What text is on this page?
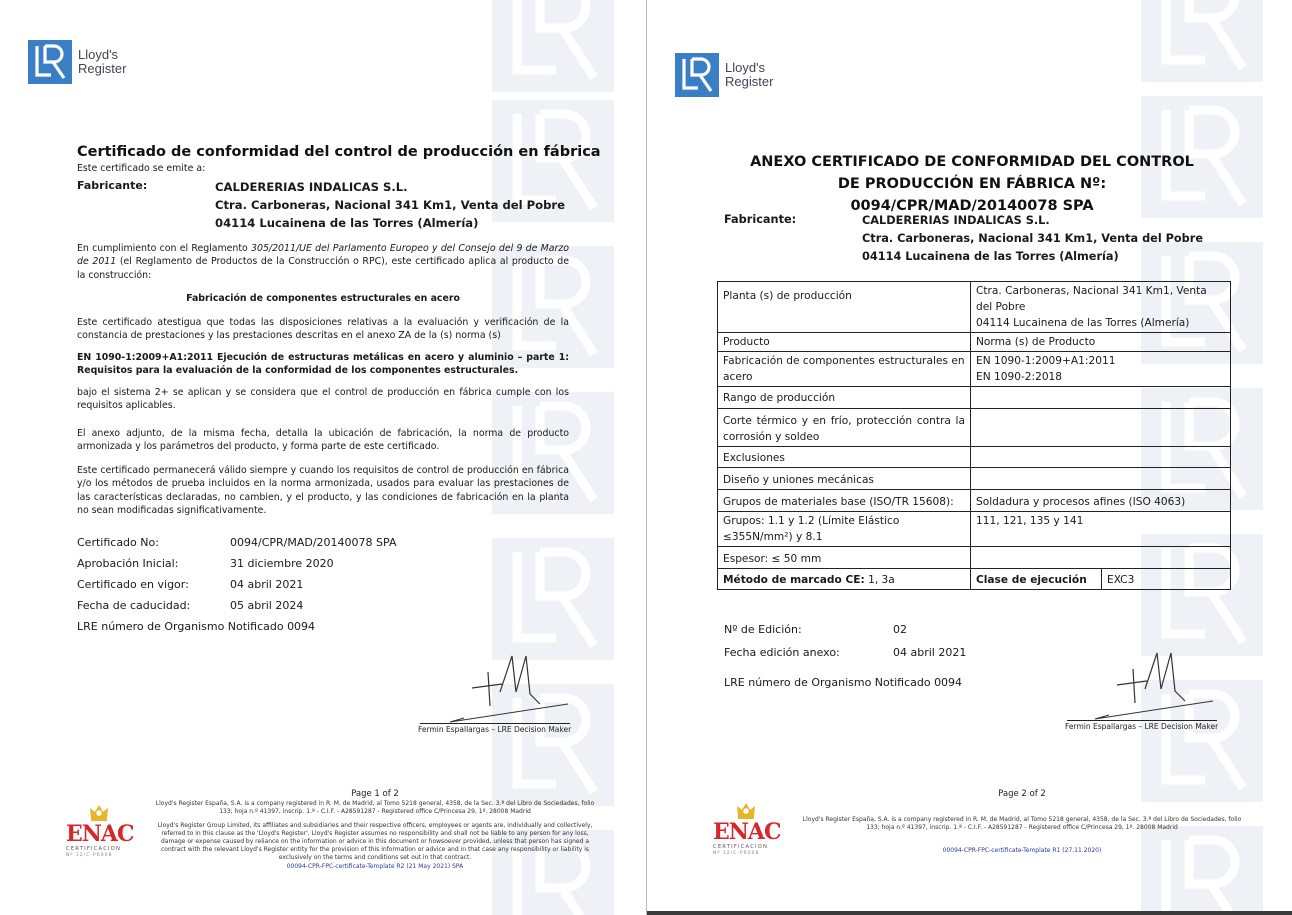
Lloyd's
Register

Certificado de conformidad del control de producción en fábrica

Este certificado se emite a:

Fabricante:	CALDERERIAS INDALICAS S.L.
Ctra. Carboneras, Nacional 341 Km1, Venta del Pobre
04114 Lucainena de las Torres (Almería)

En cumplimiento con el Reglamento 305/2011/UE del Parlamento Europeo y del Consejo del 9 de Marzo de 2011 (el Reglamento de Productos de la Construcción o RPC), este certificado aplica al producto de la construcción:

Fabricación de componentes estructurales en acero

Este certificado atestigua que todas las disposiciones relativas a la evaluación y verificación de la constancia de prestaciones y las prestaciones descritas en el anexo ZA de la (s) norma (s)

EN 1090-1:2009+A1:2011 Ejecución de estructuras metálicas en acero y aluminio – parte 1: Requisitos para la evaluación de la conformidad de los componentes estructurales.

bajo el sistema 2+ se aplican y se considera que el control de producción en fábrica cumple con los requisitos aplicables.

El anexo adjunto, de la misma fecha, detalla la ubicación de fabricación, la norma de producto armonizada y los parámetros del producto, y forma parte de este certificado.

Este certificado permanecerá válido siempre y cuando los requisitos de control de producción en fábrica y/o los métodos de prueba incluidos en la norma armonizada, usados para evaluar las prestaciones de las características declaradas, no cambien, y el producto, y las condiciones de fabricación en la planta no sean modificadas significativamente.

Certificado No:	0094/CPR/MAD/20140078 SPA
Aprobación Inicial:	31 diciembre 2020
Certificado en vigor:	04 abril 2021
Fecha de caducidad:	05 abril 2024
LRE número de Organismo Notificado 0094
Fermin Espallargas – LRE Decision Maker
ENAC
CERTIFICACION
Nº 12/C-PR008
Page 1 of 2
Lloyd's Register España, S.A. is a company registered in R. M. de Madrid, al Tomo 5218 general, 4358, de la Sec. 3.ª del Libro de Sociedades, folio 133; hoja n.º 41397, inscrip. 1.ª - C.I.F. - A28591287 - Registered office C/Princesa 29, 1º. 28008 Madrid
Lloyd's Register Group Limited, its affiliates and subsidiaries and their respective officers, employees or agents are, individually and collectively, referred to in this clause as the 'Lloyd's Register'. Lloyd's Register assumes no responsibility and shall not be liable to any person for any loss, damage or expense caused by reliance on the information or advice in this document or howsoever provided, unless that person has signed a contract with the relevant Lloyd's Register entity for the provision of this information or advice and in that case any responsibility or liability is exclusively on the terms and conditions set out in that contract.
00094-CPR-FPC-certificate-Template R2 (21 May 2021) SPA
Lloyd's
Register
ANEXO CERTIFICADO DE CONFORMIDAD DEL CONTROL DE PRODUCCIÓN EN FÁBRICA Nº: 0094/CPR/MAD/20140078 SPA
Fabricante:	CALDERERIAS INDALICAS S.L.
Ctra. Carboneras, Nacional 341 Km1, Venta del Pobre
04114 Lucainena de las Torres (Almería)
Planta (s) de producción	Ctra. Carboneras, Nacional 341 Km1, Venta del Pobre
04114 Lucainena de las Torres (Almería)	

Producto	Norma (s) de Producto	
Fabricación de componentes estructurales en acero	EN 1090-1:2009+A1:2011
EN 1090-2:2018	

Rango de producción		
Corte térmico y en frío, protección contra la corrosión y soldeo		
Exclusiones		
Diseño y uniones mecánicas		
Grupos de materiales base (ISO/TR 15608):	Soldadura y procesos afines (ISO 4063)	
Grupos: 1.1 y 1.2 (Límite Elástico ≤355N/mm²) y 8.1	111, 121, 135 y 141	
Espesor: ≤ 50 mm		
Método de marcado CE: 1, 3a	Clase de ejecución	EXC3
Nº de Edición:	02
Fecha edición anexo:	04 abril 2021
LRE número de Organismo Notificado 0094
Fermin Espallargas – LRE Decision Maker
ENAC
CERTIFICACION
Nº 12/C-PR008
Page 2 of 2
Lloyd's Register España, S.A. is a company registered in R. M. de Madrid, al Tomo 5218 general, 4358, de la Sec. 3.ª del Libro de Sociedades, folio 133; hoja n.º 41397, inscrip. 1.ª - C.I.F. - A28591287 - Registered office C/Princesa 29, 1º. 28008 Madrid
00094-CPR-FPC-certificate-Template R1 (27.11.2020)
